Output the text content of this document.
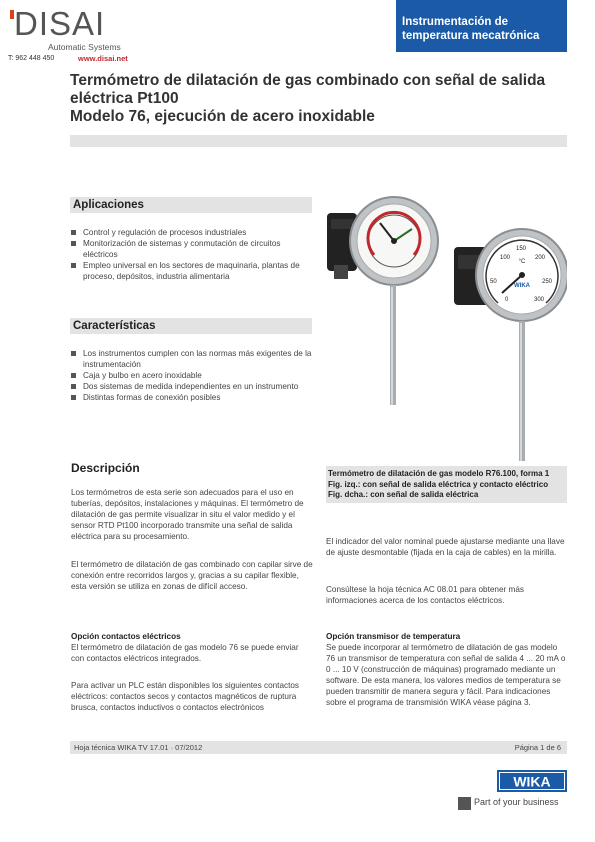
DISAI
Automatic Systems
T: 962 448 450	www.disai.net
Instrumentación de
temperatura mecatrónica
Termómetro de dilatación de gas combinado con señal de salida
eléctrica Pt100
Modelo 76, ejecución de acero inoxidable
Aplicaciones
Control y regulación de procesos industriales
Monitorización de sistemas y conmutación de circuitos eléctricos
Empleo universal en los sectores de maquinaria, plantas de proceso, depósitos, industria alimentaria
Características
Los instrumentos cumplen con las normas más exigentes de la instrumentación
Caja y bulbo en acero inoxidable
Dos sistemas de medida independientes en un instrumento
Distintas formas de conexión posibles
WIKA
°C
0
50
100
150
200
250
300
Termómetro de dilatación de gas modelo R76.100, forma 1
Fig. izq.: con señal de salida eléctrica y contacto eléctrico
Fig. dcha.: con señal de salida eléctrica
Descripción
Los termómetros de esta serie son adecuados para el uso en tuberías, depósitos, instalaciones y máquinas. El termómetro de dilatación de gas permite visualizar in situ el valor medido y el sensor RTD Pt100 incorporado transmite una señal de salida eléctrica para su procesamiento.
El termómetro de dilatación de gas combinado con capilar sirve de conexión entre recorridos largos y, gracias a su capilar flexible, esta versión se utiliza en zonas de difícil acceso.
El indicador del valor nominal puede ajustarse mediante una llave de ajuste desmontable (fijada en la caja de cables) en la mirilla.
Consúltese la hoja técnica AC 08.01 para obtener más informaciones acerca de los contactos eléctricos.
Opción contactos eléctricos
El termómetro de dilatación de gas modelo 76 se puede enviar con contactos eléctricos integrados.
Para activar un PLC están disponibles los siguientes contactos eléctricos: contactos secos y contactos magnéticos de ruptura brusca, contactos inductivos o contactos electrónicos
Opción transmisor de temperatura
Se puede incorporar al termómetro de dilatación de gas modelo 76 un transmisor de temperatura con señal de salida 4 ... 20 mA o 0 ... 10 V (construcción de máquinas) programado mediante un software. De esta manera, los valores medios de temperatura se pueden transmitir de manera segura y fácil. Para indicaciones sobre el programa de transmisión WIKA véase página 3.
Hoja técnica WIKA TV 17.01 · 07/2012	Página 1 de 6
WIKA
Part of your business
